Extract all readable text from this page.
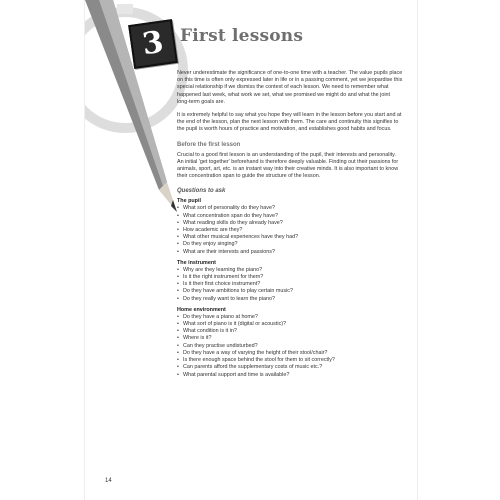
3 First lessons

Never underestimate the significance of one-to-one time with a teacher. The value pupils place on this time is often only expressed later in life or in a passing comment, yet we jeopardise this special relationship if we dismiss the context of each lesson. We need to remember what happened last week, what work we set, what we promised we might do and what the joint long-term goals are.

It is extremely helpful to say what you hope they will learn in the lesson before you start and at the end of the lesson, plan the next lesson with them. The care and continuity this signifies to the pupil is worth hours of practice and motivation, and establishes good habits and focus.

Before the first lesson

Crucial to a good first lesson is an understanding of the pupil, their interests and personality. An initial 'get together' beforehand is therefore deeply valuable. Finding out their passions for animals, sport, art, etc. is an instant way into their creative minds. It is also important to know their concentration span to guide the structure of the lesson.

Questions to ask
The pupil
• What sort of personality do they have?
• What concentration span do they have?
• What reading skills do they already have?
• How academic are they?
• What other musical experiences have they had?
• Do they enjoy singing?
• What are their interests and passions?
The instrument
• Why are they learning the piano?
• Is it the right instrument for them?
• Is it their first choice instrument?
• Do they have ambitions to play certain music?
• Do they really want to learn the piano?
Home environment
• Do they have a piano at home?
• What sort of piano is it (digital or acoustic)?
• What condition is it in?
• Where is it?
• Can they practise undisturbed?
• Do they have a way of varying the height of their stool/chair?
• Is there enough space behind the stool for them to sit correctly?
• Can parents afford the supplementary costs of music etc.?
• What parental support and time is available?
14
